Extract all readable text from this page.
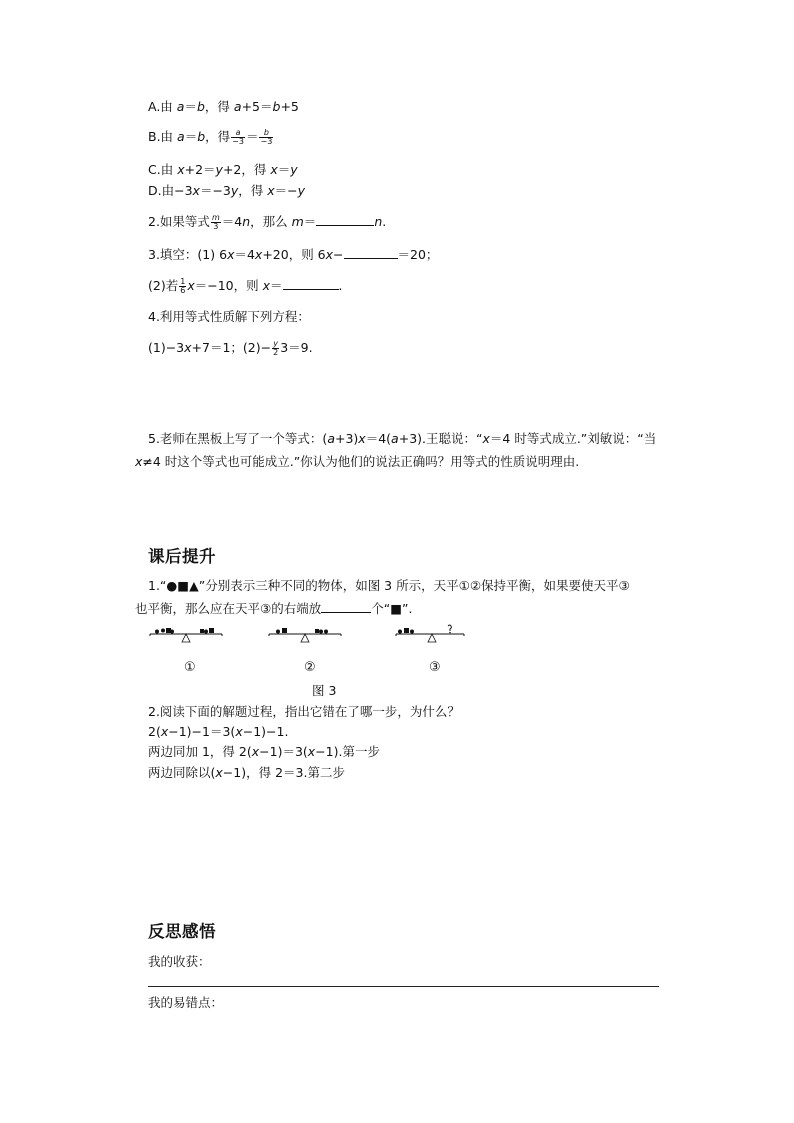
A.由 a＝b，得 a+5＝b+5
B.由 a＝b，得 $\frac{a}{-3} = \frac{b}{-3}$
C.由 x+2＝y+2，得 x＝y
D.由−3x＝−3y，得 x＝−y
2.如果等式 $\frac{m}{3} =4n$，那么 m＝	n.
3.填空：(1) 6x＝4x+20，则 6x−	＝20；
(2)若 $\frac{1}{6} x=-10$，则 x＝	.
4.利用等式性质解下列方程：
(1)−3x+7＝1；$(2)- \frac{y}{2} 3=9$.
5.老师在黑板上写了一个等式：(a+3)x＝4(a+3).王聪说：“x＝4 时等式成立.”刘敏说：“当
x≠4 时这个等式也可能成立.”你认为他们的说法正确吗？用等式的性质说明理由.
课后提升
1.“●■▲”分别表示三种不同的物体，如图 3 所示，天平①②保持平衡，如果要使天平③
也平衡，那么应在天平③的右端放	个“■”.
①	②	③
图 3
2.阅读下面的解题过程，指出它错在了哪一步，为什么？
2(x−1)−1＝3(x−1)−1.
两边同加 1，得 2(x−1)＝3(x−1).第一步
两边同除以(x−1)，得 2＝3.第二步
反思感悟
我的收获：
我的易错点：
